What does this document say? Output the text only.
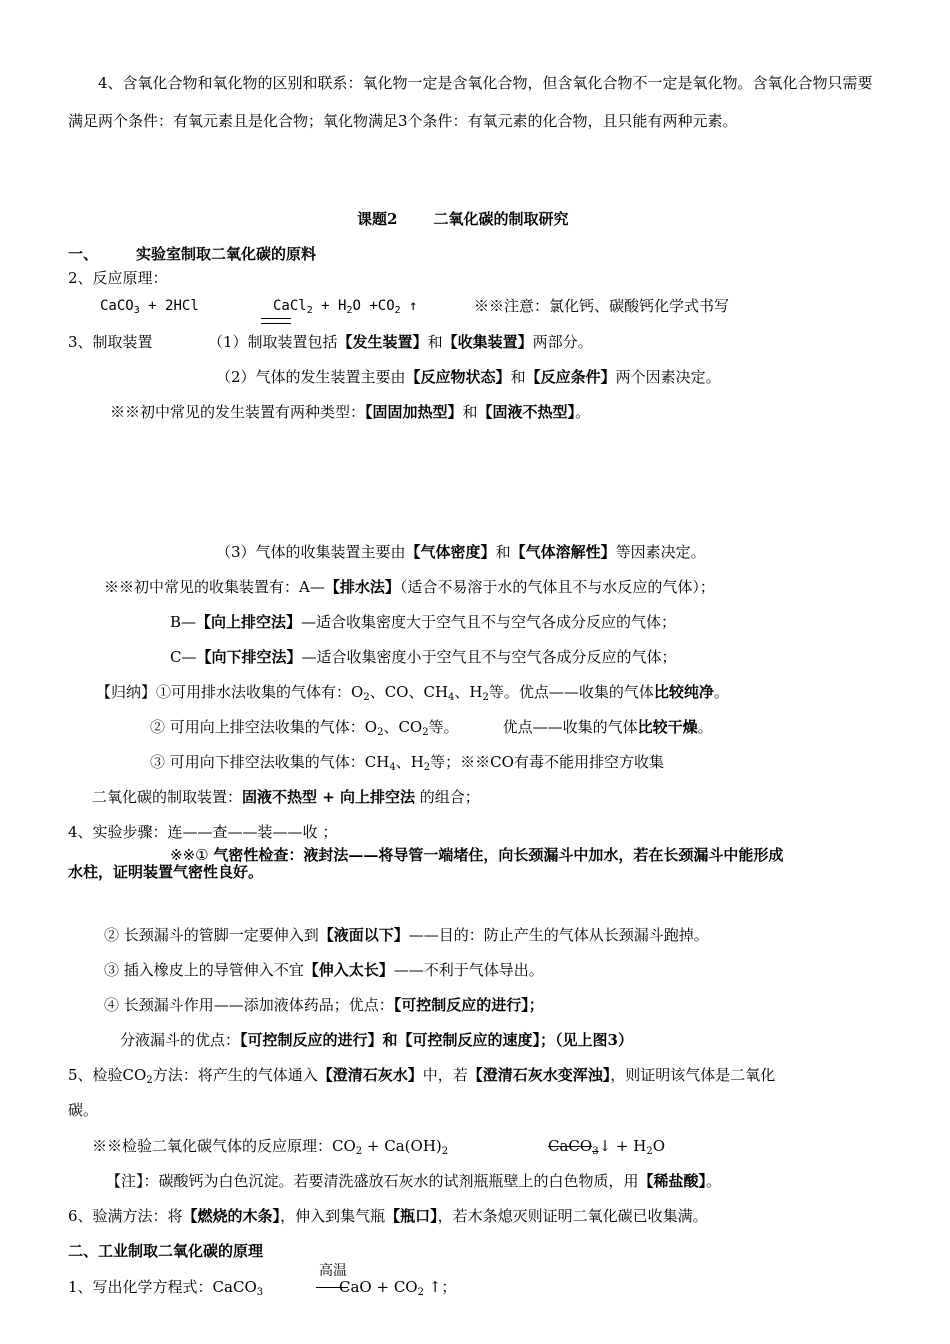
4、含氧化合物和氧化物的区别和联系：氧化物一定是含氧化合物，但含氧化合物不一定是氧化物。含氧化合物只需要满足两个条件：有氧元素且是化合物；氧化物满足3个条件：有氧元素的化合物，且只能有两种元素。
课题2 二氧化碳的制取研究
一、	实验室制取二氧化碳的原料
2、反应原理：
CaCO$_3$ + 2HCl	CaCl$_2$ + $H_2O +CO_2$ ↑	※※注意：氯化钙、碳酸钙化学式书写
3、制取装置	（1）制取装置包括【发生装置】和【收集装置】两部分。
（2）气体的发生装置主要由【反应物状态】和【反应条件】两个因素决定。
※※初中常见的发生装置有两种类型：【固固加热型】和【固液不热型】。
（3）气体的收集装置主要由【气体密度】和【气体溶解性】等因素决定。
※※初中常见的收集装置有：A—【排水法】（适合不易溶于水的气体且不与水反应的气体）；
B—【向上排空法】—适合收集密度大于空气且不与空气各成分反应的气体；
C—【向下排空法】—适合收集密度小于空气且不与空气各成分反应的气体；
【归纳】①可用排水法收集的气体有：$O_2$、CO、$CH_4$、$H_2$等。优点——收集的气体比较纯净。
② 可用向上排空法收集的气体：$O_2$、$CO_2$等。	优点——收集的气体比较干燥。
③ 可用向下排空法收集的气体：$CH_4$、$H_2$等；※※CO有毒不能用排空方收集
二氧化碳的制取装置：固液不热型 + 向上排空法 的组合；
4、实验步骤：连——查——装——收 ；
※※① 气密性检查：液封法——将导管一端堵住，向长颈漏斗中加水，若在长颈漏斗中能形成
水柱，证明装置气密性良好。
② 长颈漏斗的管脚一定要伸入到【液面以下】——目的：防止产生的气体从长颈漏斗跑掉。
③ 插入橡皮上的导管伸入不宜【伸入太长】——不利于气体导出。
④ 长颈漏斗作用——添加液体药品；优点：【可控制反应的进行】；
分液漏斗的优点：【可控制反应的进行】和【可控制反应的速度】；（见上图3）
5、检验$CO_2$方法：将产生的气体通入【澄清石灰水】中，若【澄清石灰水变浑浊】，则证明该气体是二氧化
碳。
※※检验二氧化碳气体的反应原理：$CO_2 + Ca(OH)_2$	CaCO$_3$↓ + $H_2O$
【注】：碳酸钙为白色沉淀。若要清洗盛放石灰水的试剂瓶瓶壁上的白色物质，用【稀盐酸】。
6、验满方法：将【燃烧的木条】，伸入到集气瓶【瓶口】，若木条熄灭则证明二氧化碳已收集满。
二、工业制取二氧化碳的原理
1、写出化学方程式：CaCO$_3$
高温
CaO + $CO_2$ ↑；
